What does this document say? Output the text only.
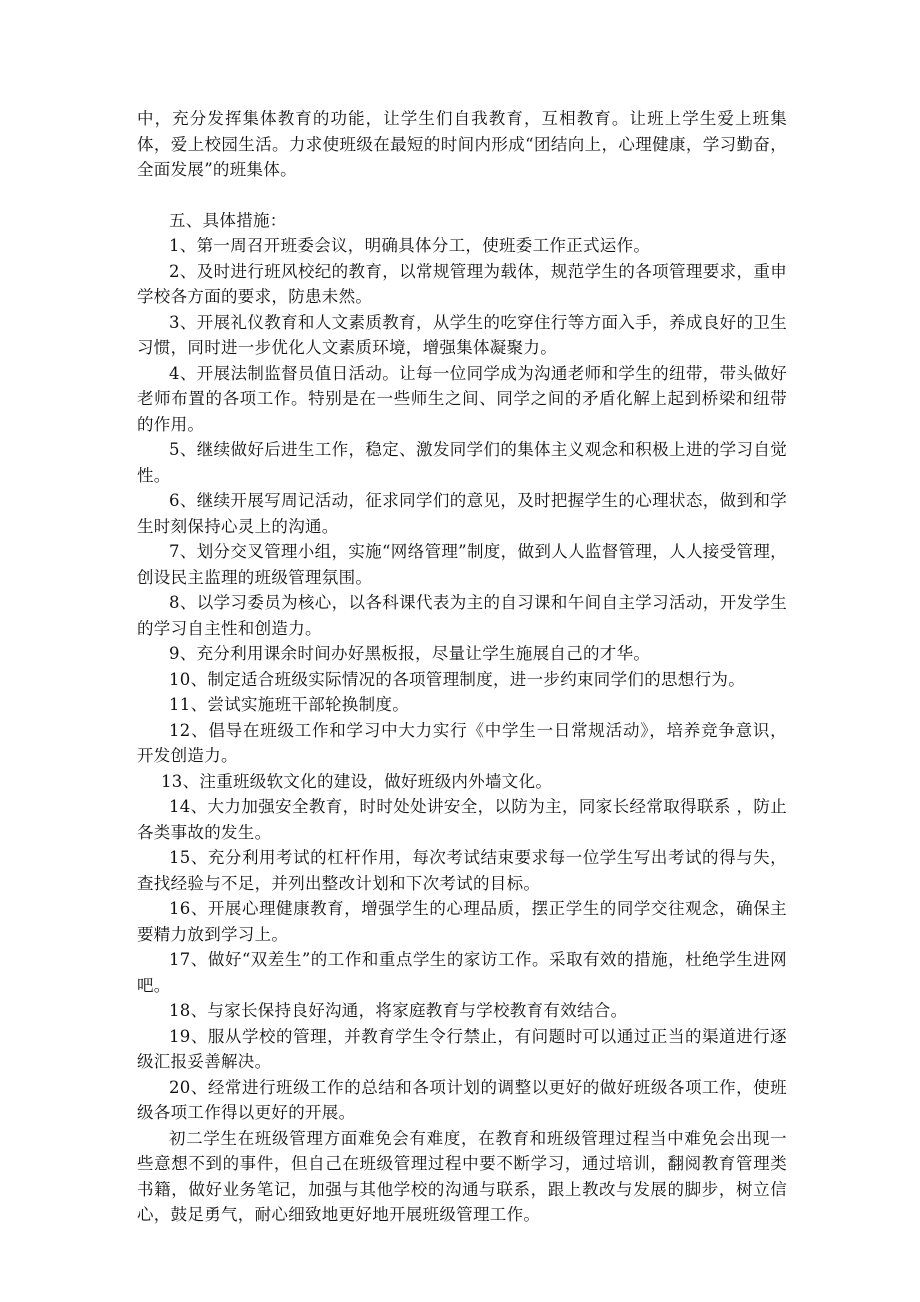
中，充分发挥集体教育的功能，让学生们自我教育，互相教育。让班上学生爱上班集体，爱上校园生活。力求使班级在最短的时间内形成“团结向上，心理健康，学习勤奋，全面发展”的班集体。

五、具体措施：

1、第一周召开班委会议，明确具体分工，使班委工作正式运作。

2、及时进行班风校纪的教育，以常规管理为载体，规范学生的各项管理要求，重申学校各方面的要求，防患未然。

3、开展礼仪教育和人文素质教育，从学生的吃穿住行等方面入手，养成良好的卫生习惯，同时进一步优化人文素质环境，增强集体凝聚力。

4、开展法制监督员值日活动。让每一位同学成为沟通老师和学生的纽带，带头做好老师布置的各项工作。特别是在一些师生之间、同学之间的矛盾化解上起到桥梁和纽带的作用。

5、继续做好后进生工作，稳定、激发同学们的集体主义观念和积极上进的学习自觉性。

6、继续开展写周记活动，征求同学们的意见，及时把握学生的心理状态，做到和学生时刻保持心灵上的沟通。

7、划分交叉管理小组，实施“网络管理”制度，做到人人监督管理，人人接受管理，创设民主监理的班级管理氛围。

8、以学习委员为核心，以各科课代表为主的自习课和午间自主学习活动，开发学生的学习自主性和创造力。

9、充分利用课余时间办好黑板报，尽量让学生施展自己的才华。

10、制定适合班级实际情况的各项管理制度，进一步约束同学们的思想行为。

11、尝试实施班干部轮换制度。

12、倡导在班级工作和学习中大力实行《中学生一日常规活动》，培养竞争意识，开发创造力。

13、注重班级软文化的建设，做好班级内外墙文化。

14、大力加强安全教育，时时处处讲安全，以防为主，同家长经常取得联系 ，防止各类事故的发生。

15、充分利用考试的杠杆作用，每次考试结束要求每一位学生写出考试的得与失，查找经验与不足，并列出整改计划和下次考试的目标。

16、开展心理健康教育，增强学生的心理品质，摆正学生的同学交往观念，确保主要精力放到学习上。

17、做好“双差生”的工作和重点学生的家访工作。采取有效的措施，杜绝学生进网吧。

18、与家长保持良好沟通，将家庭教育与学校教育有效结合。

19、服从学校的管理，并教育学生令行禁止，有问题时可以通过正当的渠道进行逐级汇报妥善解决。

20、经常进行班级工作的总结和各项计划的调整以更好的做好班级各项工作，使班级各项工作得以更好的开展。

初二学生在班级管理方面难免会有难度，在教育和班级管理过程当中难免会出现一些意想不到的事件，但自己在班级管理过程中要不断学习，通过培训，翻阅教育管理类书籍，做好业务笔记，加强与其他学校的沟通与联系，跟上教改与发展的脚步，树立信心，鼓足勇气，耐心细致地更好地开展班级管理工作。
